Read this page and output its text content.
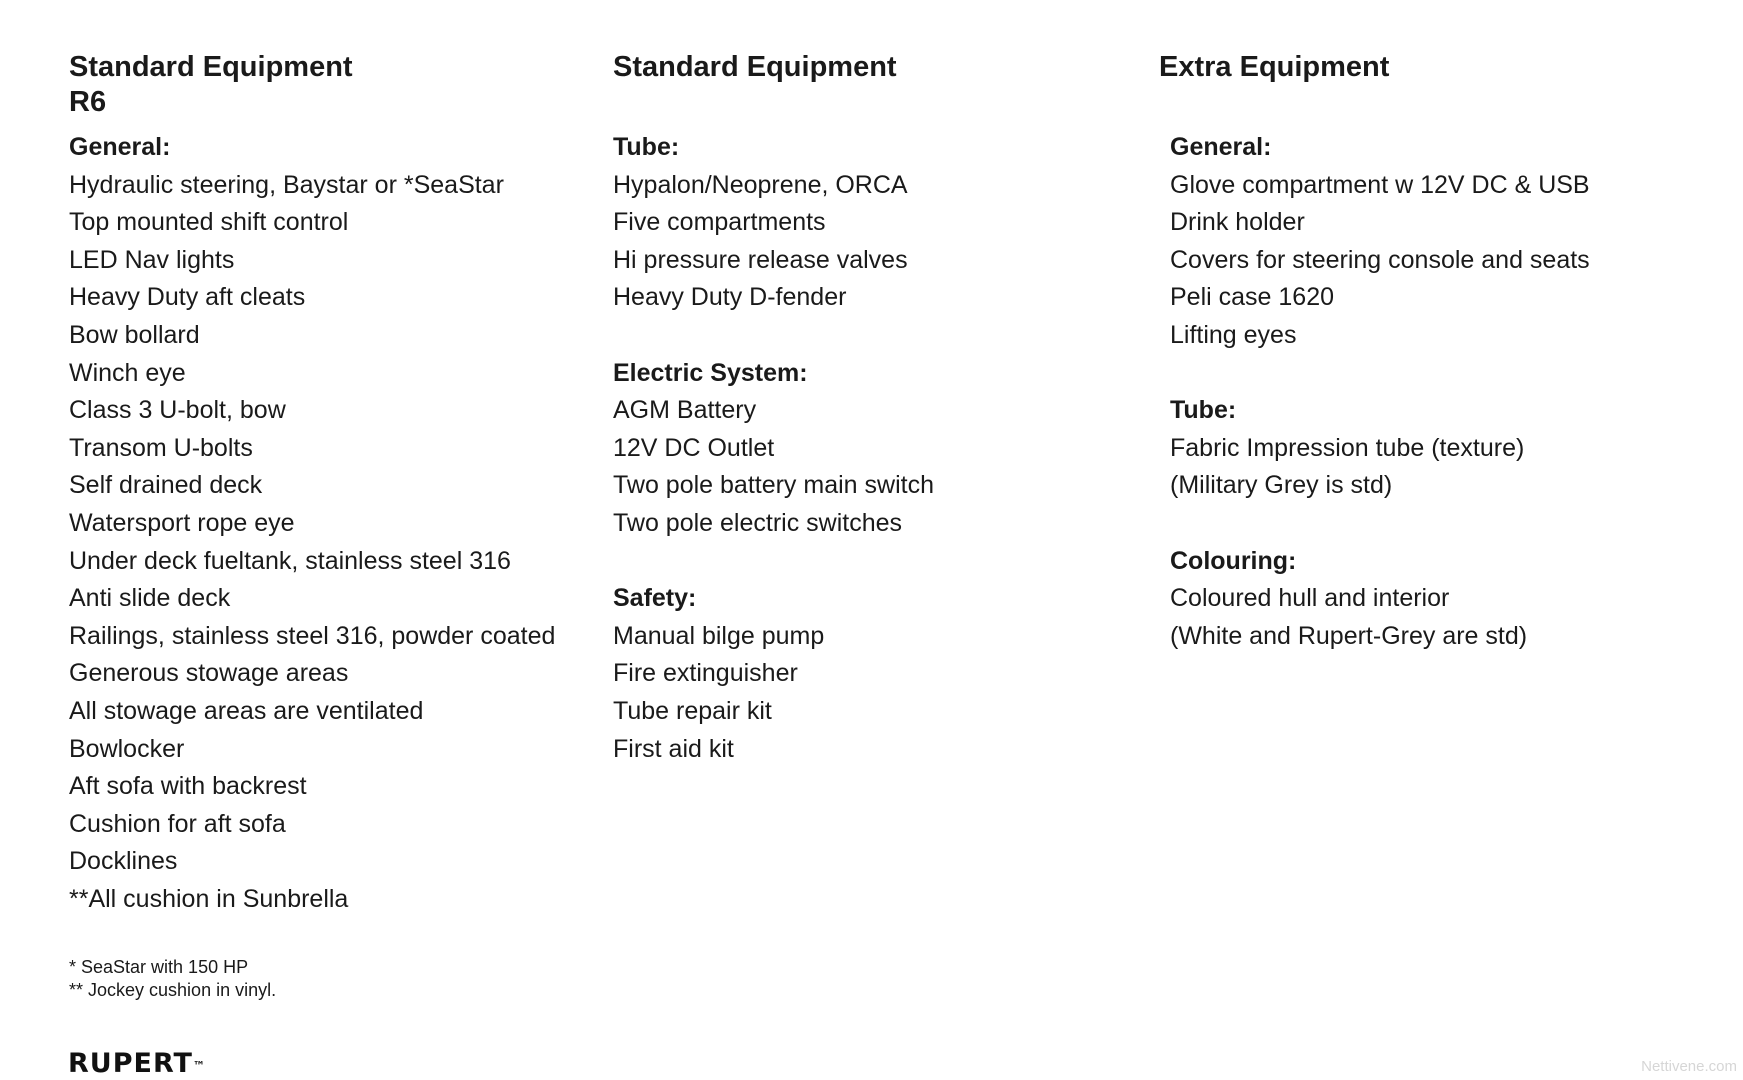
Standard Equipment
R6
General:
Hydraulic steering, Baystar or *SeaStar
Top mounted shift control
LED Nav lights
Heavy Duty aft cleats
Bow bollard
Winch eye
Class 3 U-bolt, bow
Transom U-bolts
Self drained deck
Watersport rope eye
Under deck fueltank, stainless steel 316
Anti slide deck
Railings, stainless steel 316, powder coated
Generous stowage areas
All stowage areas are ventilated
Bowlocker
Aft sofa with backrest
Cushion for aft sofa
Docklines
**All cushion in Sunbrella
Standard Equipment
Tube:
Hypalon/Neoprene, ORCA
Five compartments
Hi pressure release valves
Heavy Duty D-fender
Electric System:
AGM Battery
12V DC Outlet
Two pole battery main switch
Two pole electric switches
Safety:
Manual bilge pump
Fire extinguisher
Tube repair kit
First aid kit
Extra Equipment
General:
Glove compartment w 12V DC & USB
Drink holder
Covers for steering console and seats
Peli case 1620
Lifting eyes
Tube:
Fabric Impression tube (texture)
(Military Grey is std)
Colouring:
Coloured hull and interior
(White and Rupert-Grey are std)
* SeaStar with 150 HP
** Jockey cushion in vinyl.
RUPERT™	Nettivene.com
